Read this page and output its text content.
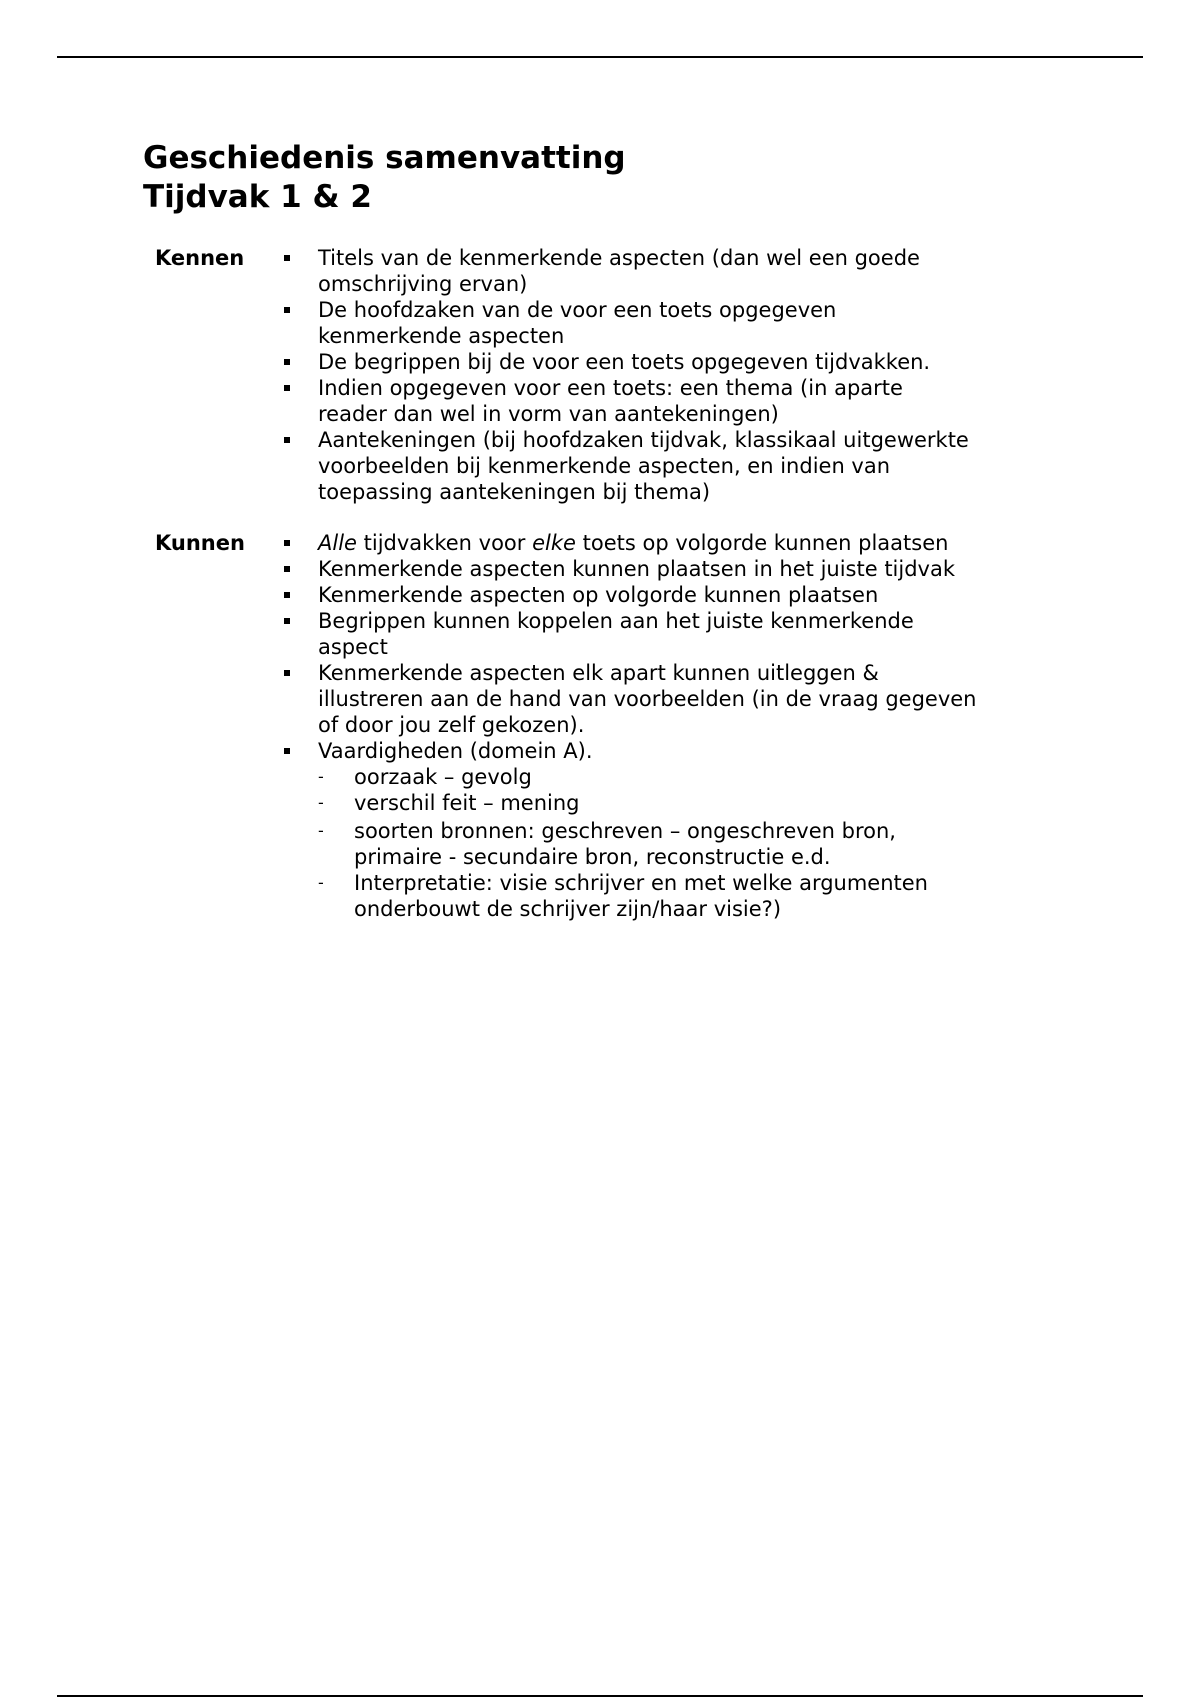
Geschiedenis samenvatting
Tijdvak 1 & 2
Kennen	Titels van de kenmerkende aspecten (dan wel een goede omschrijving ervan)
De hoofdzaken van de voor een toets opgegeven kenmerkende aspecten
De begrippen bij de voor een toets opgegeven tijdvakken.
Indien opgegeven voor een toets: een thema (in aparte reader dan wel in vorm van aantekeningen)
Aantekeningen (bij hoofdzaken tijdvak, klassikaal uitgewerkte voorbeelden bij kenmerkende aspecten, en indien van toepassing aantekeningen bij thema)
Kunnen	Alle tijdvakken voor elke toets op volgorde kunnen plaatsen
Kenmerkende aspecten kunnen plaatsen in het juiste tijdvak
Kenmerkende aspecten op volgorde kunnen plaatsen
Begrippen kunnen koppelen aan het juiste kenmerkende aspect
Kenmerkende aspecten elk apart kunnen uitleggen & illustreren aan de hand van voorbeelden (in de vraag gegeven of door jou zelf gekozen).
Vaardigheden (domein A).
- oorzaak – gevolg
- verschil feit – mening
- soorten bronnen: geschreven – ongeschreven bron, primaire - secundaire bron, reconstructie e.d.
- Interpretatie: visie schrijver en met welke argumenten onderbouwt de schrijver zijn/haar visie?)
